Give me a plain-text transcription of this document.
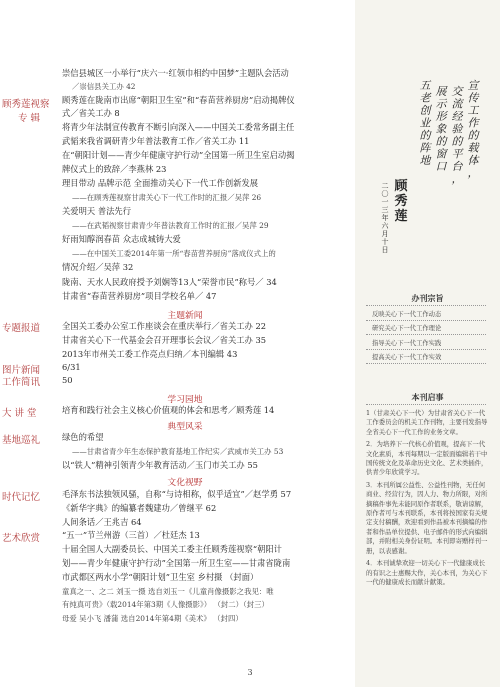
顾秀莲视察
专 辑
专题报道
图片新闻
工作简讯
大 讲 堂
基地巡礼
时代记忆
艺术欣赏
主题新闻
学习园地
典型风采
文化视野
崇信县城区一小举行“庆六一·红领巾相约中国梦”主题队会活动
／崇信县关工办 42
顾秀莲在陇南市出席“朝阳卫生室”和“春苗营养厨房”启动揭牌仪
式／省关工办 8
将青少年法制宣传教育不断引向深入——中国关工委常务副主任
武韬来我省调研青少年普法教育工作／省关工办 11
在“朝阳计划——青少年健康守护行动”全国第一所卫生室启动揭
牌仪式上的致辞／李燕林 23
理目带动 品牌示范 全面推动关心下一代工作创新发展
——在顾秀莲视察甘肃关心下一代工作时的汇报／吴萍 26
关爱明天 普法先行
——在武韬视察甘肃青少年普法教育工作时的汇报／吴萍 29
好雨知醇润春苗 众志成城铸大爱
——在中国关工委2014年第一所“春苗营养厨房”落成仪式上的
情况介绍／吴萍 32
陇南、天水人民政府授予刘娴等13人“荣誉市民”称号／ 34
甘肃省“春苗营养厨房”项目学校名单／ 47
全国关工委办公室工作座谈会在重庆举行／省关工办 22
甘肃省关心下一代基金会召开理事长会议／省关工办 35
2013年市州关工委工作亮点归纳／本刊编辑 43
6/31
50
培育和践行社会主义核心价值观的体会和思考／顾秀莲 14
绿色的希望
——甘肃省青少年生态保护教育基地工作纪实／武威市关工办 53
以“铁人”精神引领青少年教育活动／玉门市关工办 55
毛泽东书法独领风骚，自称“与诗相称，似乎适宜”／赵学勇 57
《新华字典》的编纂者魏建功／曾继平 62
人间条话／王兆吉 64
“五一”节兰州游（三首）／杜廷杰 13
十届全国人大副委员长、中国关工委主任顾秀莲视察“朝阳计
划——青少年健康守护行动”全国第一所卫生室——甘肃省陇南
市武都区两水小学“朝阳计划”卫生室 乡村摄 （封面）
童真之一、之二 刘玉一摄 选自刘玉一《儿童肖像摄影之我见：唯
有纯真可贵》（载2014年第3期《人像摄影》） （封二）（封三）
母爱 吴小飞 潘蒲 选自2014年第4期《美术》 （封四）
3
宣传工作的载体，
交流经验的平台，
展示形象的窗口
五老创业的阵地
顾秀莲
二〇一三年六月十日
办刊宗旨
反映关心下一代工作动态
研究关心下一代工作理论
指导关心下一代工作实践
提高关心下一代工作实效
本刊启事

1（甘肃关心下一代）为甘肃省关心下一代工作委员会的机关工作刊物，主要刊发指导全省关心下一代工作的业务文章。

2．为培养下一代核心价值观，提高下一代文化素质，本刊每期以一定版面编辑若干中国传统文化及革命历史文化、艺术类插件，供青少年欣赏学习。

3．本刊所属公益性、公益性刊物，无任何商业、经营行为，因人力、物力所限，对所摘稿件事先未能同原作者联系，敬请谅解，原作者可与本刊联系，本刊将按国家有关规定支付稿酬，欢迎看到作品被本刊摘编的作者和作品单位提供、电子邮件的形式向编辑部，并附相关身份证明。本刊即寄赠样刊一册，以表感谢。

4．本刊诚挚欢迎一切关心下一代健康成长的有识之士惠赐大作，关心本刊，为关心下一代的健康成长而献计献策。
